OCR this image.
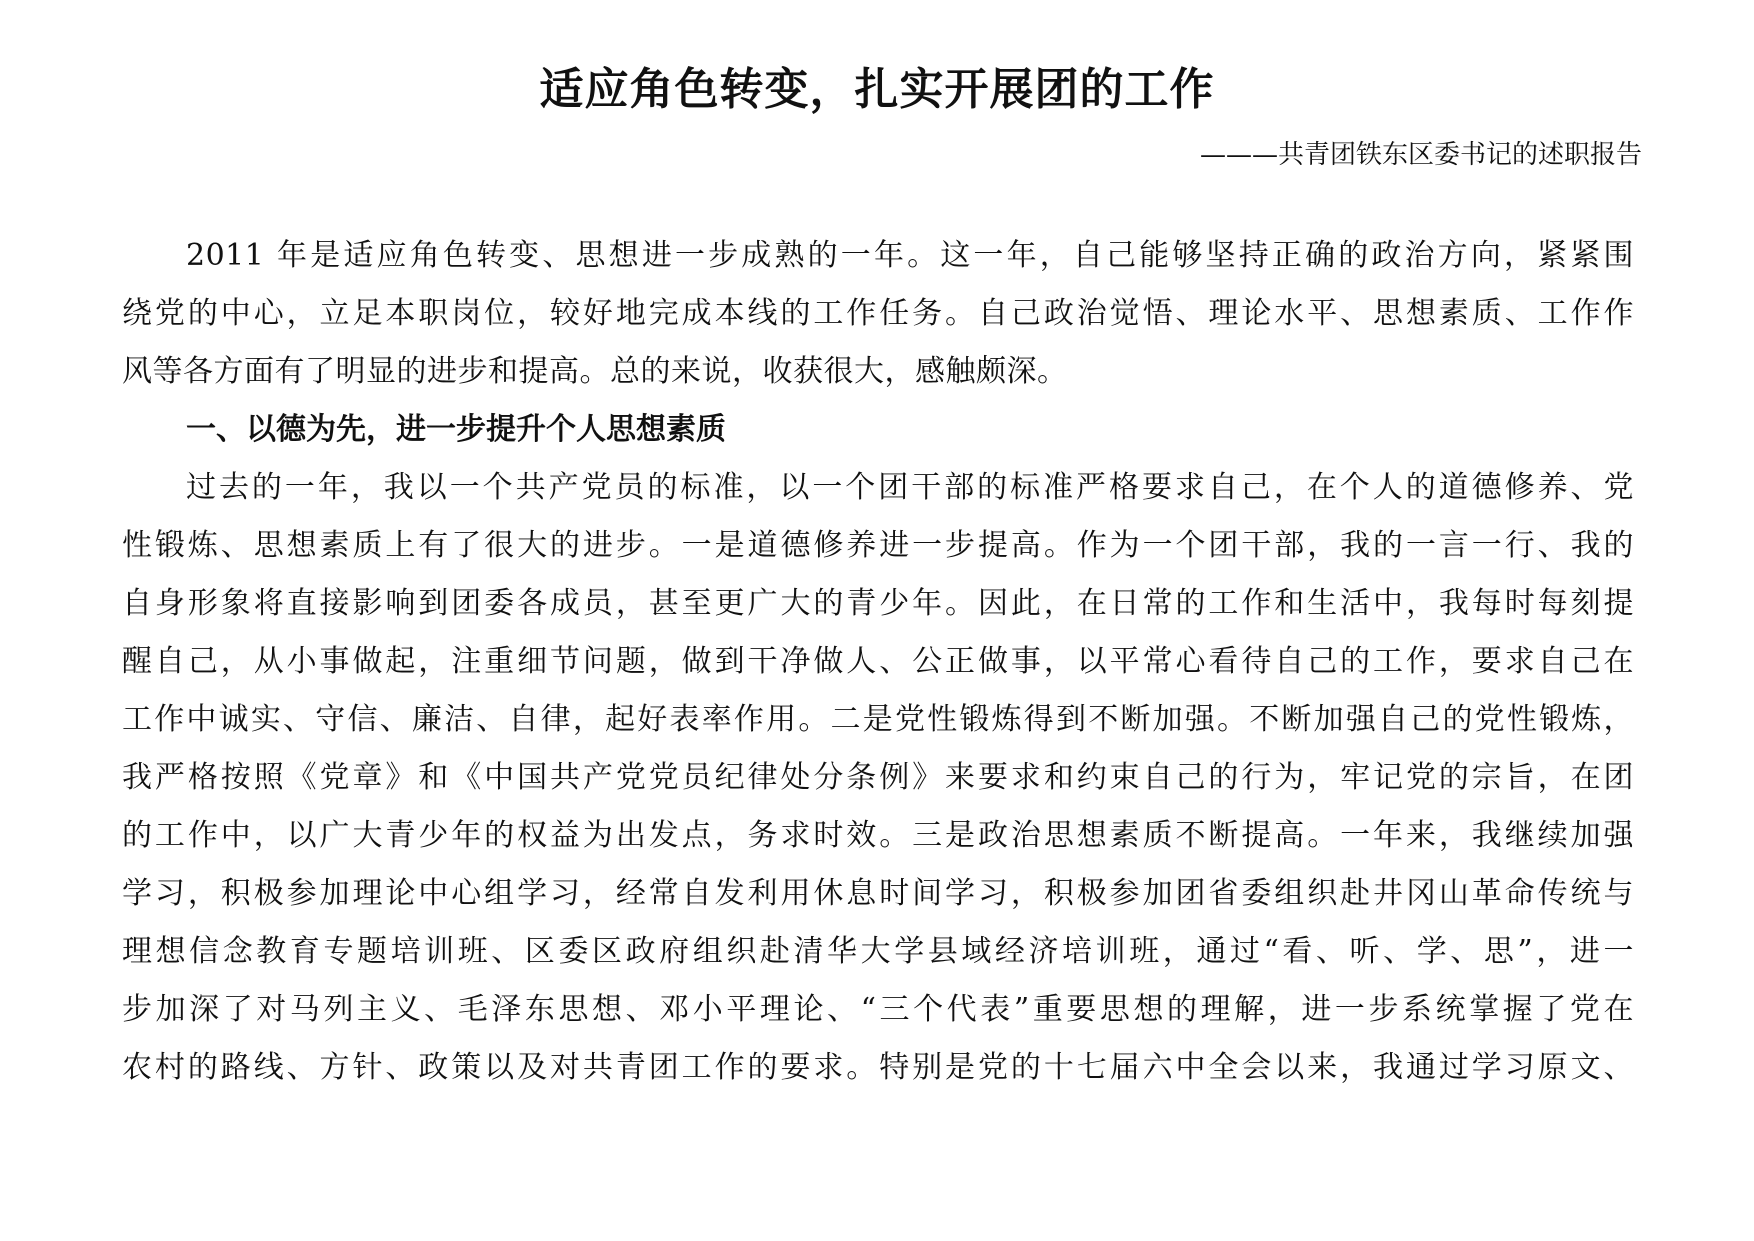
适应角色转变，扎实开展团的工作
———共青团铁东区委书记的述职报告
2011 年是适应角色转变、思想进一步成熟的一年。这一年，自己能够坚持正确的政治方向，紧紧围
绕党的中心，立足本职岗位，较好地完成本线的工作任务。自己政治觉悟、理论水平、思想素质、工作作
风等各方面有了明显的进步和提高。总的来说，收获很大，感触颇深。
一、以德为先，进一步提升个人思想素质
过去的一年，我以一个共产党员的标准，以一个团干部的标准严格要求自己，在个人的道德修养、党
性锻炼、思想素质上有了很大的进步。一是道德修养进一步提高。作为一个团干部，我的一言一行、我的
自身形象将直接影响到团委各成员，甚至更广大的青少年。因此，在日常的工作和生活中，我每时每刻提
醒自己，从小事做起，注重细节问题，做到干净做人、公正做事，以平常心看待自己的工作，要求自己在
工作中诚实、守信、廉洁、自律，起好表率作用。二是党性锻炼得到不断加强。不断加强自己的党性锻炼，
我严格按照《党章》和《中国共产党党员纪律处分条例》来要求和约束自己的行为，牢记党的宗旨，在团
的工作中，以广大青少年的权益为出发点，务求时效。三是政治思想素质不断提高。一年来，我继续加强
学习，积极参加理论中心组学习，经常自发利用休息时间学习，积极参加团省委组织赴井冈山革命传统与
理想信念教育专题培训班、区委区政府组织赴清华大学县域经济培训班，通过“看、听、学、思”，进一
步加深了对马列主义、毛泽东思想、邓小平理论、“三个代表”重要思想的理解，进一步系统掌握了党在
农村的路线、方针、政策以及对共青团工作的要求。特别是党的十七届六中全会以来，我通过学习原文、
